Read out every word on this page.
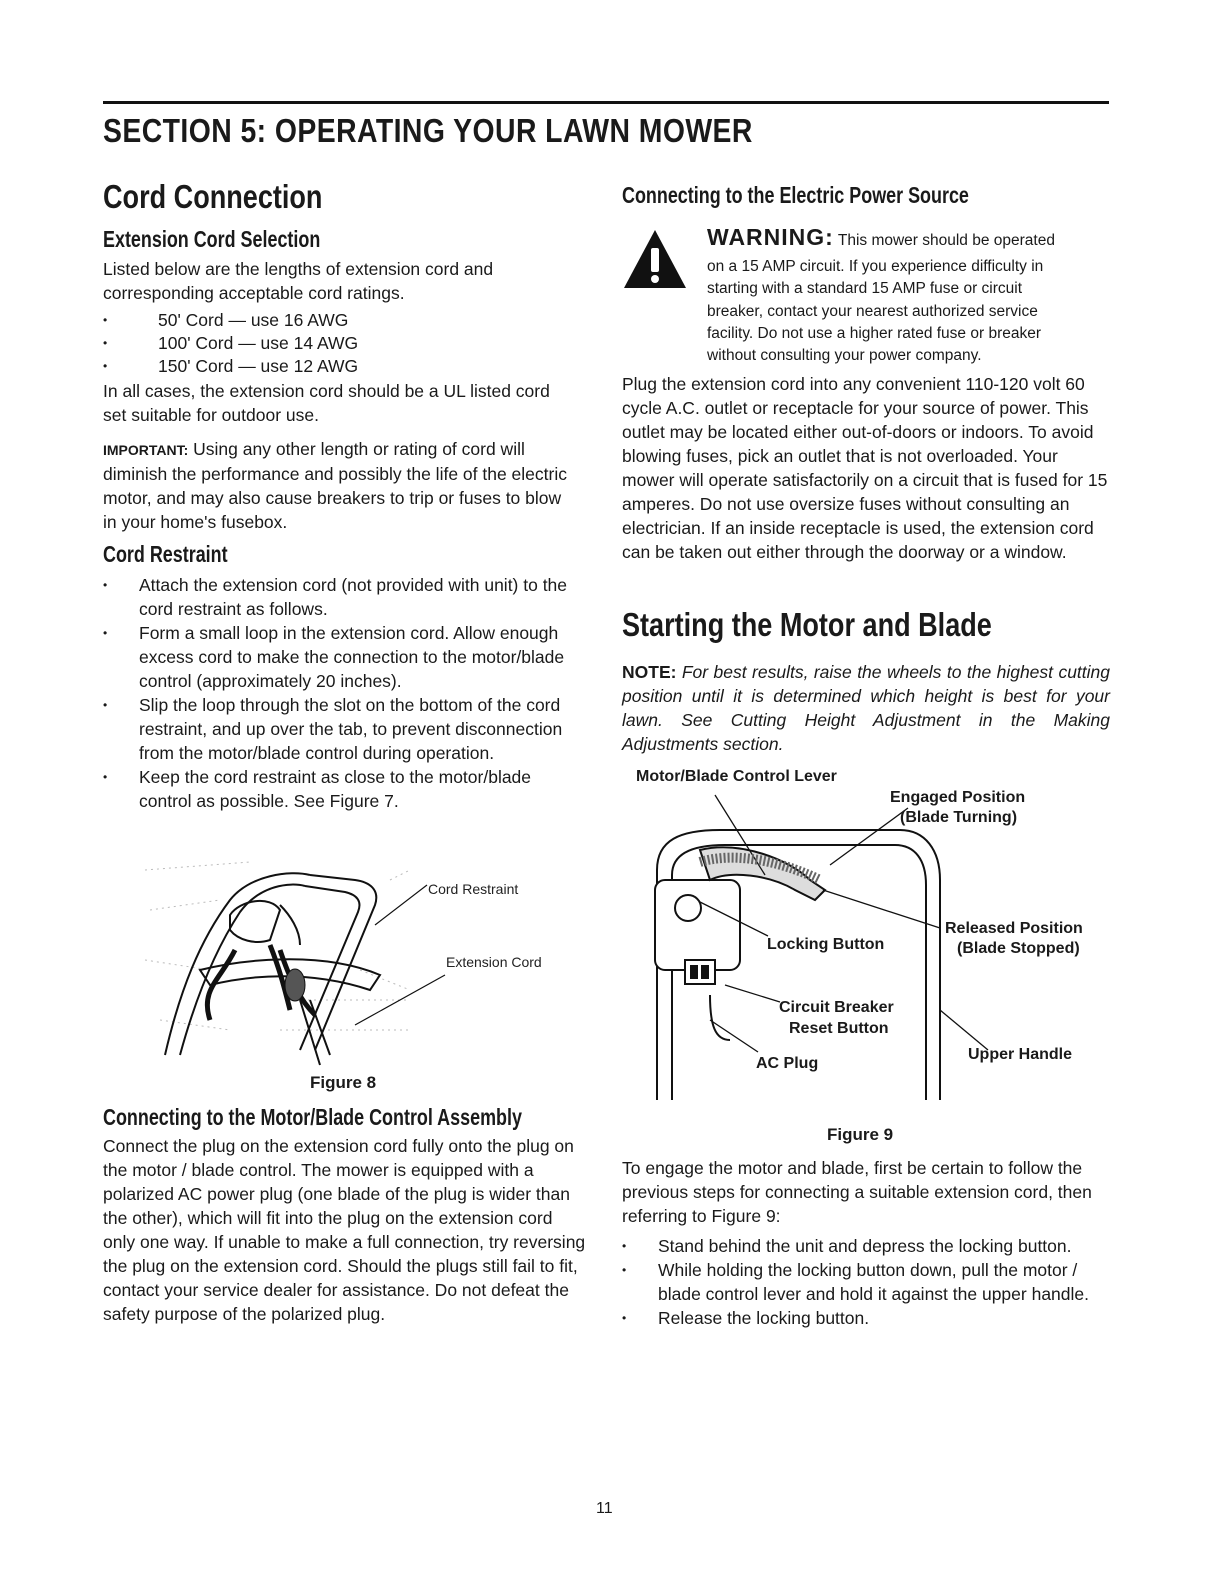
SECTION 5: OPERATING YOUR LAWN MOWER
Cord Connection
Extension Cord Selection

Listed below are the lengths of extension cord and corresponding acceptable cord ratings.

• 50' Cord — use 16 AWG
• 100' Cord — use 14 AWG
• 150' Cord — use 12 AWG

In all cases, the extension cord should be a UL listed cord set suitable for outdoor use.

IMPORTANT: Using any other length or rating of cord will diminish the performance and possibly the life of the electric motor, and may also cause breakers to trip or fuses to blow in your home's fusebox.

Cord Restraint
• Attach the extension cord (not provided with unit) to the cord restraint as follows.
• Form a small loop in the extension cord. Allow enough excess cord to make the connection to the motor/blade control (approximately 20 inches).
• Slip the loop through the slot on the bottom of the cord restraint, and up over the tab, to prevent disconnection from the motor/blade control during operation.
• Keep the cord restraint as close to the motor/blade control as possible. See Figure 7.
Cord Restraint
Extension Cord
Figure 8
Connecting to the Motor/Blade Control Assembly

Connect the plug on the extension cord fully onto the plug on the motor / blade control. The mower is equipped with a polarized AC power plug (one blade of the plug is wider than the other), which will fit into the plug on the extension cord only one way. If unable to make a full connection, try reversing the plug on the extension cord. Should the plugs still fail to fit, contact your service dealer for assistance. Do not defeat the safety purpose of the polarized plug.

Connecting to the Electric Power Source
WARNING: This mower should be operated
on a 15 AMP circuit. If you experience difficulty in
starting with a standard 15 AMP fuse or circuit
breaker, contact your nearest authorized service
facility. Do not use a higher rated fuse or breaker
without consulting your power company.

Plug the extension cord into any convenient 110-120 volt 60 cycle A.C. outlet or receptacle for your source of power. This outlet may be located either out-of-doors or indoors. To avoid blowing fuses, pick an outlet that is not overloaded. Your mower will operate satisfactorily on a circuit that is fused for 15 amperes. Do not use oversize fuses without consulting an electrician. If an inside receptacle is used, the extension cord can be taken out either through the doorway or a window.

Starting the Motor and Blade

NOTE: For best results, raise the wheels to the highest cutting position until it is determined which height is best for your lawn. See Cutting Height Adjustment in the Making Adjustments section.

Motor/Blade Control Lever
Engaged Position
(Blade Turning)
Released Position
(Blade Stopped)
Locking Button
Circuit Breaker
Reset Button
AC Plug
Upper Handle
Figure 9

To engage the motor and blade, first be certain to follow the previous steps for connecting a suitable extension cord, then referring to Figure 9:

• Stand behind the unit and depress the locking button.
• While holding the locking button down, pull the motor / blade control lever and hold it against the upper handle.
• Release the locking button.
11
